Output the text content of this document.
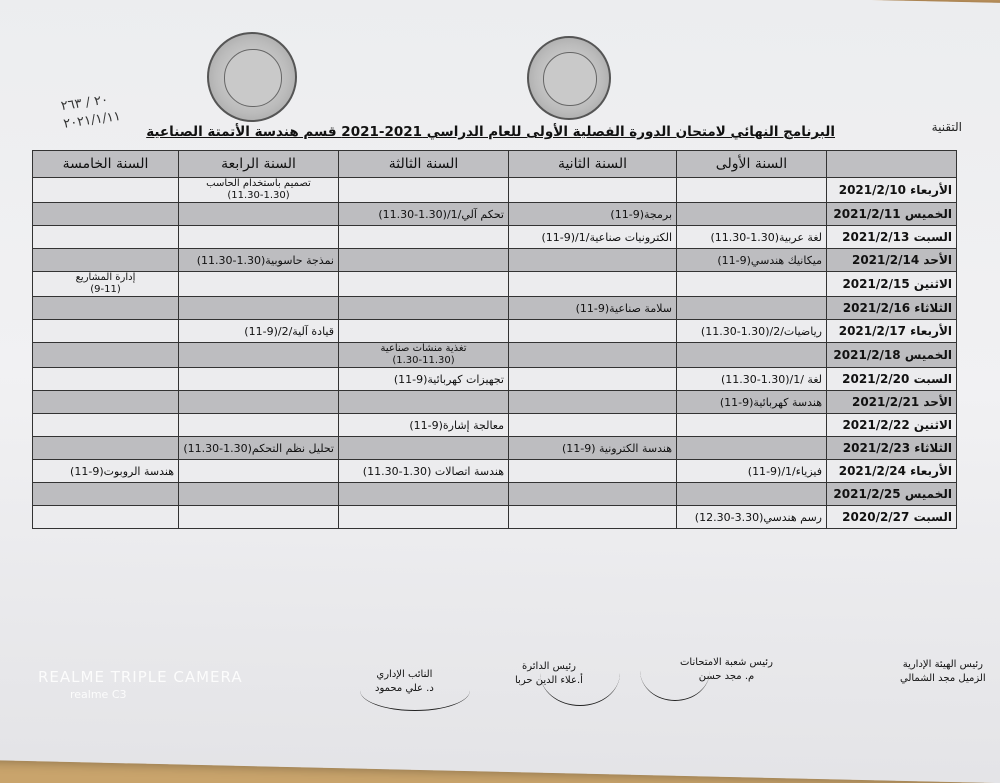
٢٠ / ٢٦٣
٢٠٢١/١/١١	التقنية
البرنامج النهائي لامتحان الدورة الفصلية الأولى للعام الدراسي 2021-2021 قسم هندسة الأتمتة الصناعية
	السنة الأولى	السنة الثانية	السنة الثالثة	السنة الرابعة	السنة الخامسة
الأربعاء 2021/2/10				تصميم باستخدام الحاسب
(11.30-1.30)	

الخميس 2021/2/11		برمجة(9-11)	تحكم آلي/1/(1.30-11.30)		
السبت 2021/2/13	لغة عربية(1.30-11.30)	الكترونيات صناعية/1/(9-11)			
الأحد 2021/2/14	ميكانيك هندسي(9-11)			نمذجة حاسوبية(1.30-11.30)	
الاثنين 2021/2/15					إدارة المشاريع
(9-11)

الثلاثاء 2021/2/16		سلامة صناعية(9-11)			
الأربعاء 2021/2/17	رياضيات/2/(1.30-11.30)			قيادة آلية/2/(9-11)	
الخميس 2021/2/18			تغذية منشآت صناعية
(1.30-11.30)		

السبت 2021/2/20	لغة /1/(1.30-11.30)		تجهيزات كهربائية(9-11)		
الأحد 2021/2/21	هندسة كهربائية(9-11)				
الاثنين 2021/2/22			معالجة إشارة(9-11)		
الثلاثاء 2021/2/23		هندسة الكترونية (9-11)		تحليل نظم التحكم(1.30-11.30)	
الأربعاء 2021/2/24	فيزياء/1/(9-11)		هندسة اتصالات (1.30-11.30)		هندسة الروبوت(9-11)
الخميس 2021/2/25					
السبت 2020/2/27	رسم هندسي(3.30-12.30)				
رئيس الهيئة الإدارية
الزميل مجد الشمالي
رئيس شعبة الامتحانات
م. مجد حسن
رئيس الدائرة
أ.علاء الدين حربا
النائب الإداري
د. علي محمود
REALME TRIPLE CAMERA
realme C3
